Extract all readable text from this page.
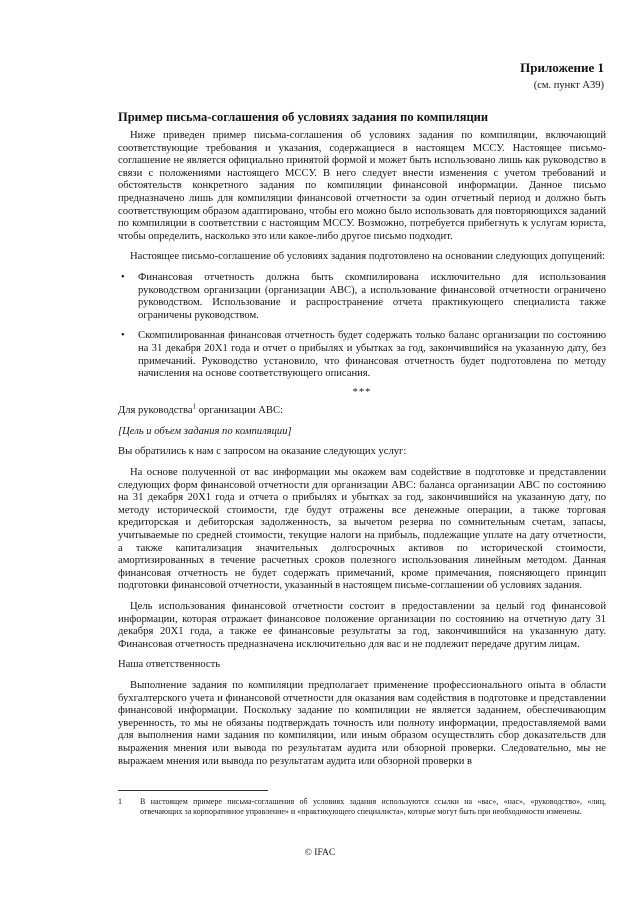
Приложение 1
(см. пункт A39)
Пример письма-соглашения об условиях задания по компиляции

Ниже приведен пример письма-соглашения об условиях задания по компиляции, включающий соответствующие требования и указания, содержащиеся в настоящем МССУ. Настоящее письмо-соглашение не является официально принятой формой и может быть использовано лишь как руководство в связи с положениями настоящего МССУ. В него следует внести изменения с учетом требований и обстоятельств конкретного задания по компиляции финансовой информации. Данное письмо предназначено лишь для компиляции финансовой отчетности за один отчетный период и должно быть соответствующим образом адаптировано, чтобы его можно было использовать для повторяющихся заданий по компиляции в соответствии с настоящим МССУ. Возможно, потребуется прибегнуть к услугам юриста, чтобы определить, насколько это или какое-либо другое письмо подходит.

Настоящее письмо-соглашение об условиях задания подготовлено на основании следующих допущений:

• Финансовая отчетность должна быть скомпилирована исключительно для использования руководством организации (организации ABC), а использование финансовой отчетности ограничено руководством. Использование и распространение отчета практикующего специалиста также ограничены руководством.
• Скомпилированная финансовая отчетность будет содержать только баланс организации по состоянию на 31 декабря 20X1 года и отчет о прибылях и убытках за год, закончившийся на указанную дату, без примечаний. Руководство установило, что финансовая отчетность будет подготовлена по методу начисления на основе соответствующего описания.
***

Для руководства$^1$ организации ABC:

[Цель и объем задания по компиляции]

Вы обратились к нам с запросом на оказание следующих услуг:

На основе полученной от вас информации мы окажем вам содействие в подготовке и представлении следующих форм финансовой отчетности для организации ABC: баланса организации ABC по состоянию на 31 декабря 20X1 года и отчета о прибылях и убытках за год, закончившийся на указанную дату, по методу исторической стоимости, где будут отражены все денежные операции, а также торговая кредиторская и дебиторская задолженность, за вычетом резерва по сомнительным счетам, запасы, учитываемые по средней стоимости, текущие налоги на прибыль, подлежащие уплате на дату отчетности, а также капитализация значительных долгосрочных активов по исторической стоимости, амортизированных в течение расчетных сроков полезного использования линейным методом. Данная финансовая отчетность не будет содержать примечаний, кроме примечания, поясняющего принцип подготовки финансовой отчетности, указанный в настоящем письме-соглашении об условиях задания.

Цель использования финансовой отчетности состоит в предоставлении за целый год финансовой информации, которая отражает финансовое положение организации по состоянию на отчетную дату 31 декабря 20X1 года, а также ее финансовые результаты за год, закончившийся на указанную дату. Финансовая отчетность предназначена исключительно для вас и не подлежит передаче другим лицам.

Наша ответственность

Выполнение задания по компиляции предполагает применение профессионального опыта в области бухгалтерского учета и финансовой отчетности для оказания вам содействия в подготовке и представлении финансовой информации. Поскольку задание по компиляции не является заданием, обеспечивающим уверенность, то мы не обязаны подтверждать точность или полноту информации, предоставляемой вами для выполнения нами задания по компиляции, или иным образом осуществлять сбор доказательств для выражения мнения или вывода по результатам аудита или обзорной проверки. Следовательно, мы не выражаем мнения или вывода по результатам аудита или обзорной проверки в

1	В настоящем примере письма-соглашения об условиях задания используются ссылки на «вас», «нас», «руководство», «лиц, отвечающих за корпоративное управление» и «практикующего специалиста», которые могут быть при необходимости изменены.
© IFAC
